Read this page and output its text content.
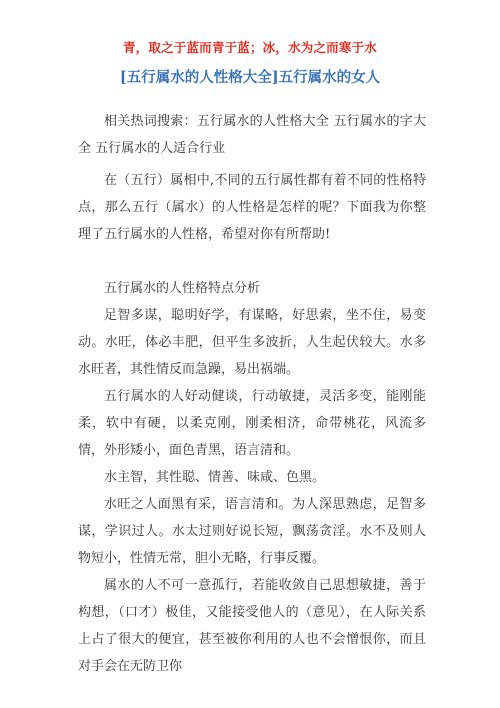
青，取之于蓝而青于蓝；冰，水为之而寒于水
[五行属水的人性格大全]五行属水的女人

相关热词搜索：五行属水的人性格大全 五行属水的字大全 五行属水的人适合行业

在（五行）属相中,不同的五行属性都有着不同的性格特点，那么五行（属水）的人性格是怎样的呢？下面我为你整理了五行属水的人性格，希望对你有所帮助!

五行属水的人性格特点分析

足智多谋，聪明好学，有谋略，好思索，坐不住，易变动。水旺，体必丰肥，但平生多波折，人生起伏较大。水多水旺者，其性情反而急躁，易出祸端。

五行属水的人好动健谈，行动敏捷，灵活多变，能刚能柔，软中有硬，以柔克刚，刚柔相济，命带桃花，风流多情，外形矮小，面色青黑，语言清和。

水主智，其性聪、情善、味咸、色黑。

水旺之人面黑有采，语言清和。为人深思熟虑，足智多谋，学识过人。水太过则好说长短，飘荡贪淫。水不及则人物短小，性情无常，胆小无略，行事反覆。

属水的人不可一意孤行，若能收敛自己思想敏捷，善于构想，（口才）极佳，又能接受他人的（意见），在人际关系上占了很大的便宜，甚至被你利用的人也不会憎恨你，而且对手会在无防卫你
